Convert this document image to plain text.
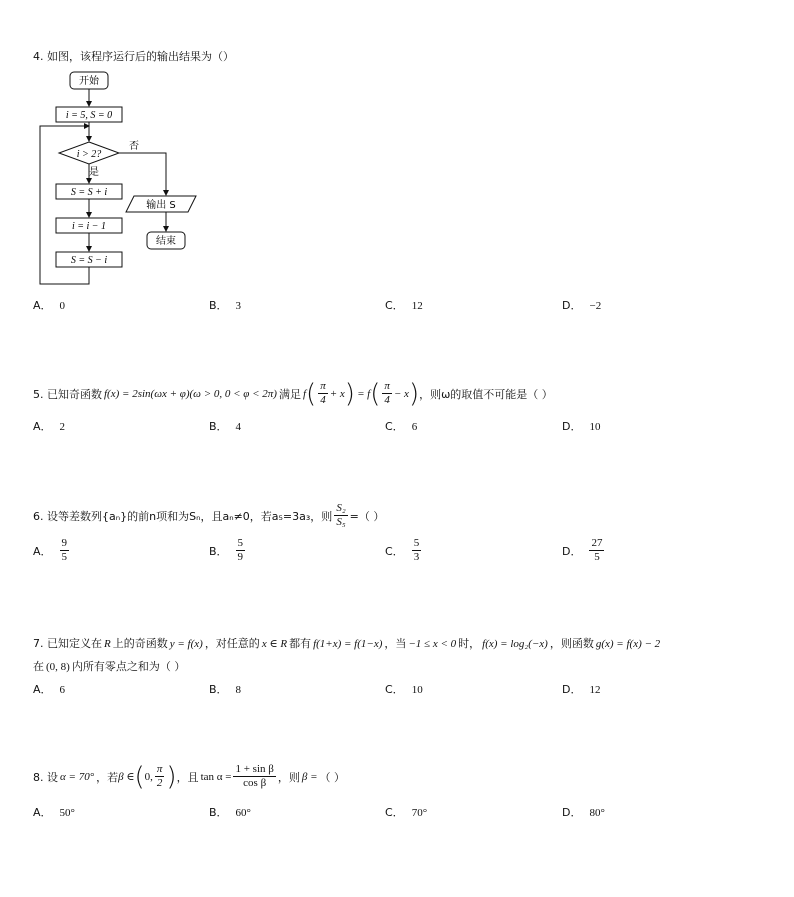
4. 如图，该程序运行后的输出结果为（）
开始
i = 5, S = 0
i > 2?
否
是
S = S + i
i = i − 1
S = S − i
输出 S
结束
A． 0	B． 3	C． 12	D． −2
5. 已知奇函数 f(x) = 2sin(ωx + φ)(ω > 0, 0 < φ < 2π) 满足 f ( $\frac{\pi}{4} + x$ ) = f ( $\frac{\pi}{4} - x$ ) ，则ω的取值不可能是（ ）
A． 2	B． 4	C． 6	D． 10
6. 设等差数列{aₙ}的前n项和为Sₙ，且aₙ≠0，若a₅=3a₃，则 $\frac{\text{S₂}}{\text{S₅}}$ =（ ）
A． $\frac{9}{5}$	B． $\frac{5}{9}$	C． $\frac{5}{3}$	D． $\frac{27}{5}$
7. 已知定义在 R 上的奇函数 y = f(x) ，对任意的 x ∈ R 都有 f(1+x) = f(1−x) ，当 −1 ≤ x < 0 时， f(x) = log₂(−x) ，则函数 g(x) = f(x) − 2
在 (0, 8) 内所有零点之和为（ ）
A． 6	B． 8	C． 10	D． 12
8. 设 α = 70° ，若 β ∈ ( 0, $\frac{\pi}{2}$ ) ，且 $\tan \alpha = \frac{\text{1 + sin β}}{\text{cos β}}$ ，则 β = （ ）
A． 50°	B． 60°	C． 70°	D． 80°
